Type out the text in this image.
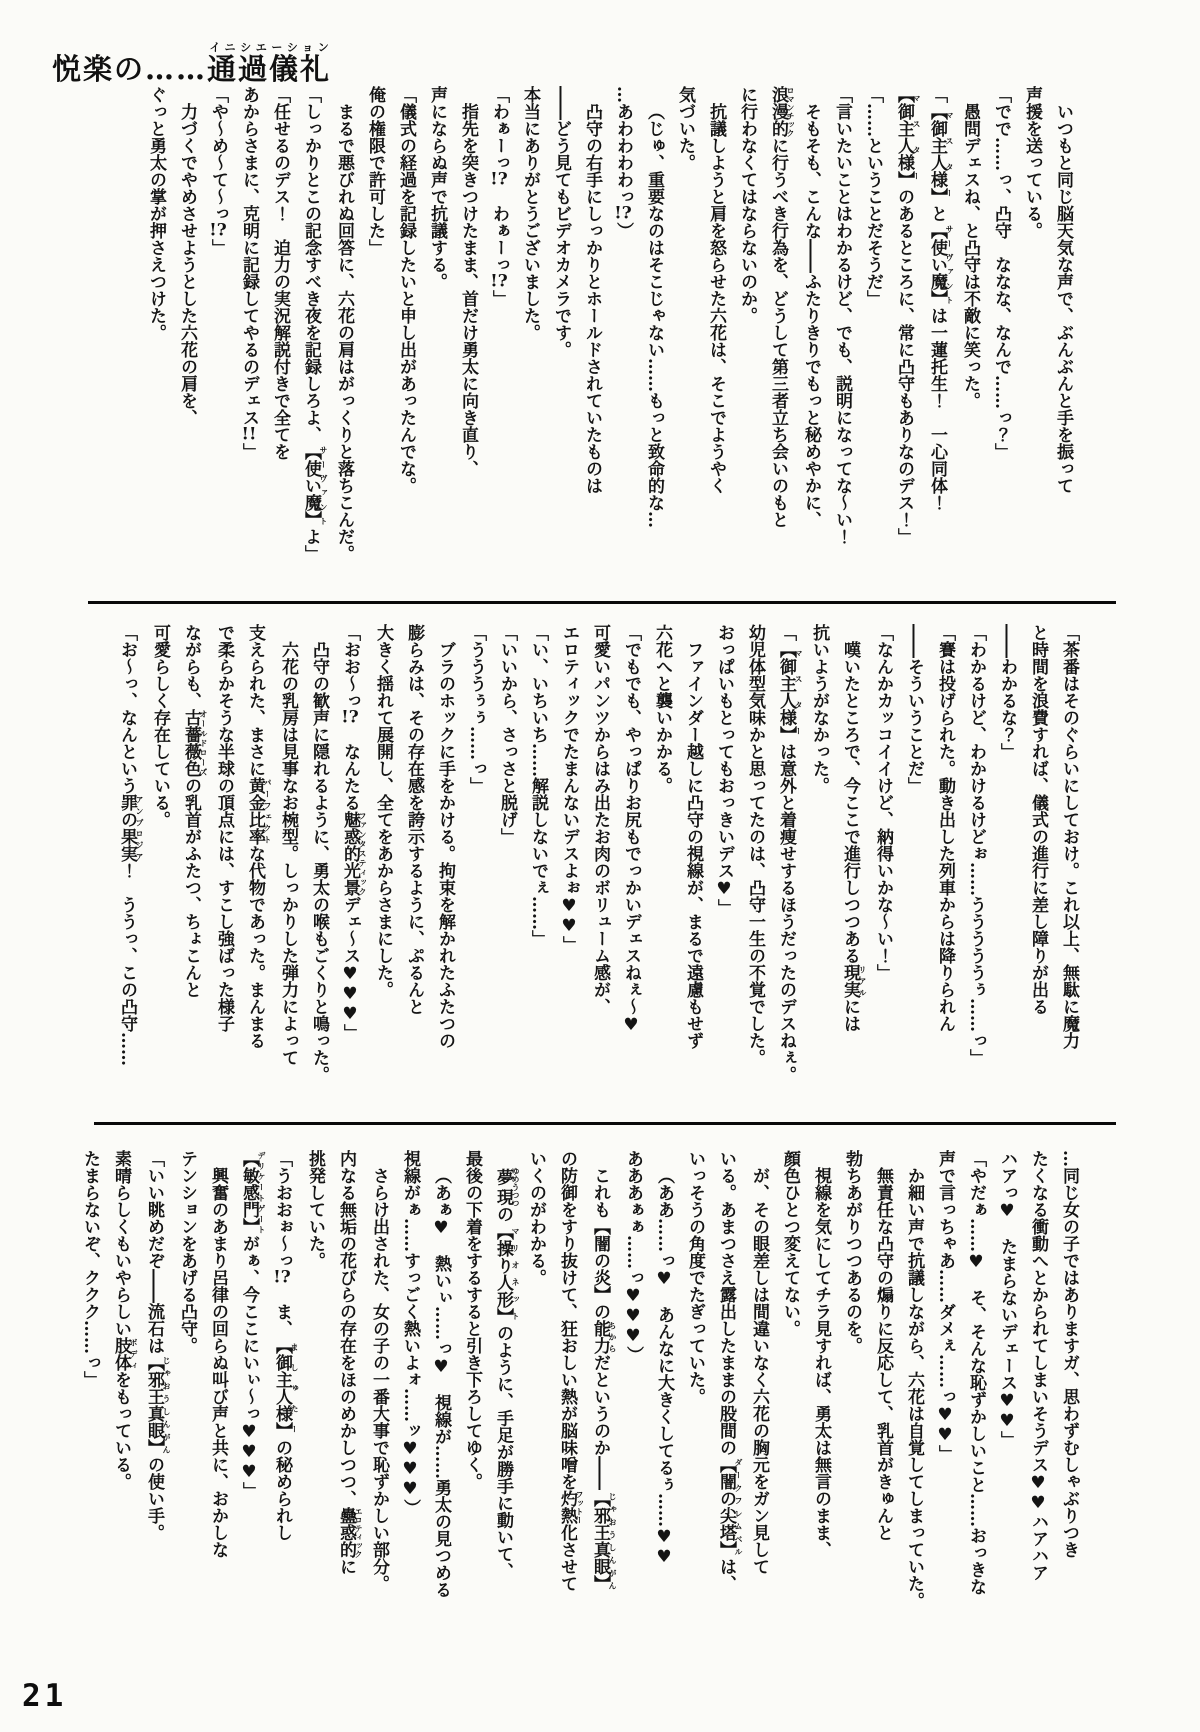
悦楽の……通過儀礼イニシエーション

いつもと同じ脳天気な声で、ぶんぶんと手を振って

声援を送っている。

「でで……っ、凸守　ななな、なんで……っ？」

愚問デェスね、と凸守は不敵に笑った。

「【御主人様】マスターと【使い魔】サーヴァントは一蓮托生！　一心同体！

【御主人様】マスターのあるところに、常に凸守もありなのデス！」

「……ということだそうだ」

「言いたいことはわかるけど、でも、説明になってな～い！

そもそも、こんな――ふたりきりでもっと秘めやかに、

浪漫的ロマンチックに行うべき行為を、どうして第三者立ち会いのもと

に行わなくてはならないのか。

抗議しようと肩を怒らせた六花は、そこでようやく

気づいた。

（じゅ、重要なのはそこじゃない……もっと致命的な…

…あわわわわっ!?）

凸守の右手にしっかりとホールドされていたものは

――どう見てもビデオカメラです。

本当にありがとうございました。

「わぁーっ!?　わぁーっ!?」

指先を突きつけたまま、首だけ勇太に向き直り、

声にならぬ声で抗議する。

「儀式の経過を記録したいと申し出があったんでな。

俺の権限で許可した」

まるで悪びれぬ回答に、六花の肩はがっくりと落ちこんだ。

「しっかりとこの記念すべき夜を記録しろよ、【使い魔】サーヴァントよ」

「任せるのデス！　迫力の実況解説付きで全てを

あからさまに、克明に記録してやるのデェス!!」

「や～め～て～っ!?」

力づくでやめさせようとした六花の肩を、

ぐっと勇太の掌が押さえつけた。

「茶番はそのぐらいにしておけ。これ以上、無駄に魔力

と時間を浪費すれば、儀式の進行に差し障りが出る

――わかるな？」

「わかるけど、わかけるけどぉ……うううううぅ……っ」

「賽は投げられた。動き出した列車からは降りられん

――そういうことだ」

「なんかカッコイイけど、納得いかな～い！」

嘆いたところで、今ここで進行しつつある現実リアルには

抗いようがなかった。

「【御主人様】マスターは意外と着痩せするほうだったのデスねぇ。

幼児体型気味かと思ってたのは、凸守一生の不覚でした。

おっぱいもとってもおっきいデス♥」

ファインダー越しに凸守の視線が、まるで遠慮もせず

六花へと襲いかかる。

「でもでも、やっぱりお尻もでっかいデェスねぇ～♥

可愛いパンツからはみ出たお肉のボリューム感が、

エロティックでたまんないデスよぉ♥♥」

「い、いちいち……解説しないでぇ……」

「いいから、さっさと脱げ」

「うううぅぅ……っ」

ブラのホックに手をかける。拘束を解かれたふたつの

膨らみは、その存在感を誇示するように、ぷるんと

大きく揺れて展開し、全てをあからさまにした。

「おお～っ!?　なんたる魅惑的光景ファンタスティックデェ～ス♥♥♥」

凸守の歓声に隠れるように、勇太の喉もごくりと鳴った。

六花の乳房は見事なお椀型。しっかりした弾力によって

支えられた、まさに黄金比率パーフェクトな代物であった。まんまる

で柔らかそうな半球の頂点には、すこし強ばった様子

ながらも、古薔薇色オールドローズの乳首がふたつ、ちょこんと

可愛らしく存在している。

「お～っ、なんという罪の果実アンブロジア！　ううっ、この凸守……

…同じ女の子ではありますガ、思わずむしゃぶりつき

たくなる衝動へとかられてしまいそうデス♥♥ハアハア

ハアっ♥　たまらないデェース♥♥」

「やだぁ……♥　そ、そんな恥ずかしいこと……おっきな

声で言っちゃあ……ダメぇ……っ♥♥」

か細い声で抗議しながら、六花は自覚してしまっていた。

無責任な凸守の煽りに反応して、乳首がきゅんと

勃ちあがりつつあるのを。

視線を気にしてチラ見すれば、勇太は無言のまま、

顔色ひとつ変えてない。

が、その眼差しは間違いなく六花の胸元をガン見して

いる。あまつさえ露出したままの股間の【闇の尖塔】ダークフレムベルは、

いっそうの角度でたぎっていた。

（ああ……っ♥　あんなに大きくしてるぅ……♥♥

あああぁぁ……っ♥♥♥）

これも【闇の炎】の能力ちからだというのか――【邪王真眼】じゃおうしんがん

の防御をすり抜けて、狂おしい熱が脳味噌を灼熱フットー化させて

いくのがわかる。

夢現ゆめうつつの【操り人形】マリオネットのように、手足が勝手に動いて、

最後の下着をするすると引き下ろしてゆく。

（あぁ♥　熱いぃ……っ♥　視線が……勇太の見つめる

視線がぁ……すっごく熱いよォ……ッ♥♥♥）

さらけ出された、女の子の一番大事で恥ずかしい部分。

内なる無垢の花びらの存在をほのめかしつつ、蠱惑的エロティックに

挑発していた。

「うおおぉ～っ!?　ま、【御主人様】ましゅたーの秘められし

【敏感門】デリケートゲートがぁ、今ここにいぃ～っ♥♥♥」

興奮のあまり呂律の回らぬ叫び声と共に、おかしな

テンションをあげる凸守。

「いい眺めだぞ――流石は【邪王真眼】じゃおうしんがんの使い手。

素晴らしくもいやらしい肢体ボディをもっている。

たまらないぞ、ククク……っ」

21
